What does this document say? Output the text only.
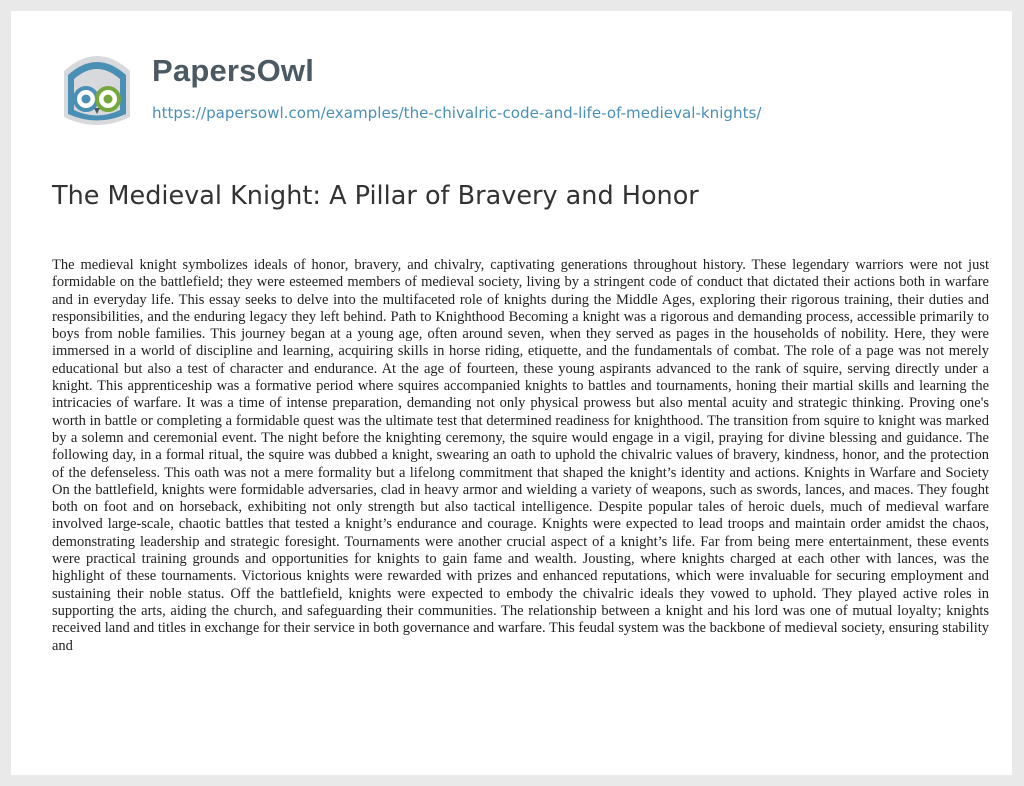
PapersOwl
https://papersowl.com/examples/the-chivalric-code-and-life-of-medieval-knights/
The Medieval Knight: A Pillar of Bravery and Honor

The medieval knight symbolizes ideals of honor, bravery, and chivalry, captivating generations throughout history. These legendary warriors were not just formidable on the battlefield; they were esteemed members of medieval society, living by a stringent code of conduct that dictated their actions both in warfare and in everyday life. This essay seeks to delve into the multifaceted role of knights during the Middle Ages, exploring their rigorous training, their duties and responsibilities, and the enduring legacy they left behind. Path to Knighthood Becoming a knight was a rigorous and demanding process, accessible primarily to boys from noble families. This journey began at a young age, often around seven, when they served as pages in the households of nobility. Here, they were immersed in a world of discipline and learning, acquiring skills in horse riding, etiquette, and the fundamentals of combat. The role of a page was not merely educational but also a test of character and endurance. At the age of fourteen, these young aspirants advanced to the rank of squire, serving directly under a knight. This apprenticeship was a formative period where squires accompanied knights to battles and tournaments, honing their martial skills and learning the intricacies of warfare. It was a time of intense preparation, demanding not only physical prowess but also mental acuity and strategic thinking. Proving one's worth in battle or completing a formidable quest was the ultimate test that determined readiness for knighthood. The transition from squire to knight was marked by a solemn and ceremonial event. The night before the knighting ceremony, the squire would engage in a vigil, praying for divine blessing and guidance. The following day, in a formal ritual, the squire was dubbed a knight, swearing an oath to uphold the chivalric values of bravery, kindness, honor, and the protection of the defenseless. This oath was not a mere formality but a lifelong commitment that shaped the knight’s identity and actions. Knights in Warfare and Society On the battlefield, knights were formidable adversaries, clad in heavy armor and wielding a variety of weapons, such as swords, lances, and maces. They fought both on foot and on horseback, exhibiting not only strength but also tactical intelligence. Despite popular tales of heroic duels, much of medieval warfare involved large-scale, chaotic battles that tested a knight’s endurance and courage. Knights were expected to lead troops and maintain order amidst the chaos, demonstrating leadership and strategic foresight. Tournaments were another crucial aspect of a knight’s life. Far from being mere entertainment, these events were practical training grounds and opportunities for knights to gain fame and wealth. Jousting, where knights charged at each other with lances, was the highlight of these tournaments. Victorious knights were rewarded with prizes and enhanced reputations, which were invaluable for securing employment and sustaining their noble status. Off the battlefield, knights were expected to embody the chivalric ideals they vowed to uphold. They played active roles in supporting the arts, aiding the church, and safeguarding their communities. The relationship between a knight and his lord was one of mutual loyalty; knights received land and titles in exchange for their service in both governance and warfare. This feudal system was the backbone of medieval society, ensuring stability and
